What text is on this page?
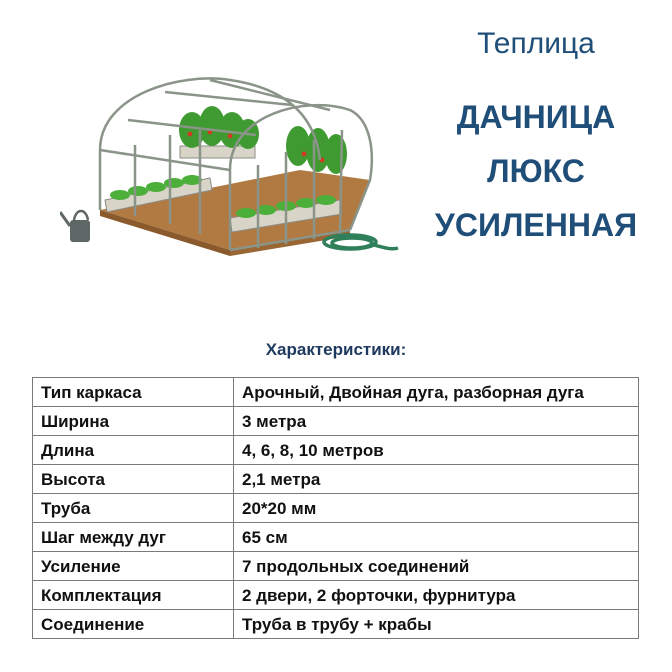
Теплица
ДАЧНИЦА
ЛЮКС
УСИЛЕННАЯ
Характеристики:
Тип каркаса	Арочный, Двойная дуга, разборная дуга
Ширина	3 метра
Длина	4, 6, 8, 10 метров
Высота	2,1 метра
Труба	20*20 мм
Шаг между дуг	65 см
Усиление	7 продольных соединений
Комплектация	2 двери, 2 форточки, фурнитура
Соединение	Труба в трубу + крабы
